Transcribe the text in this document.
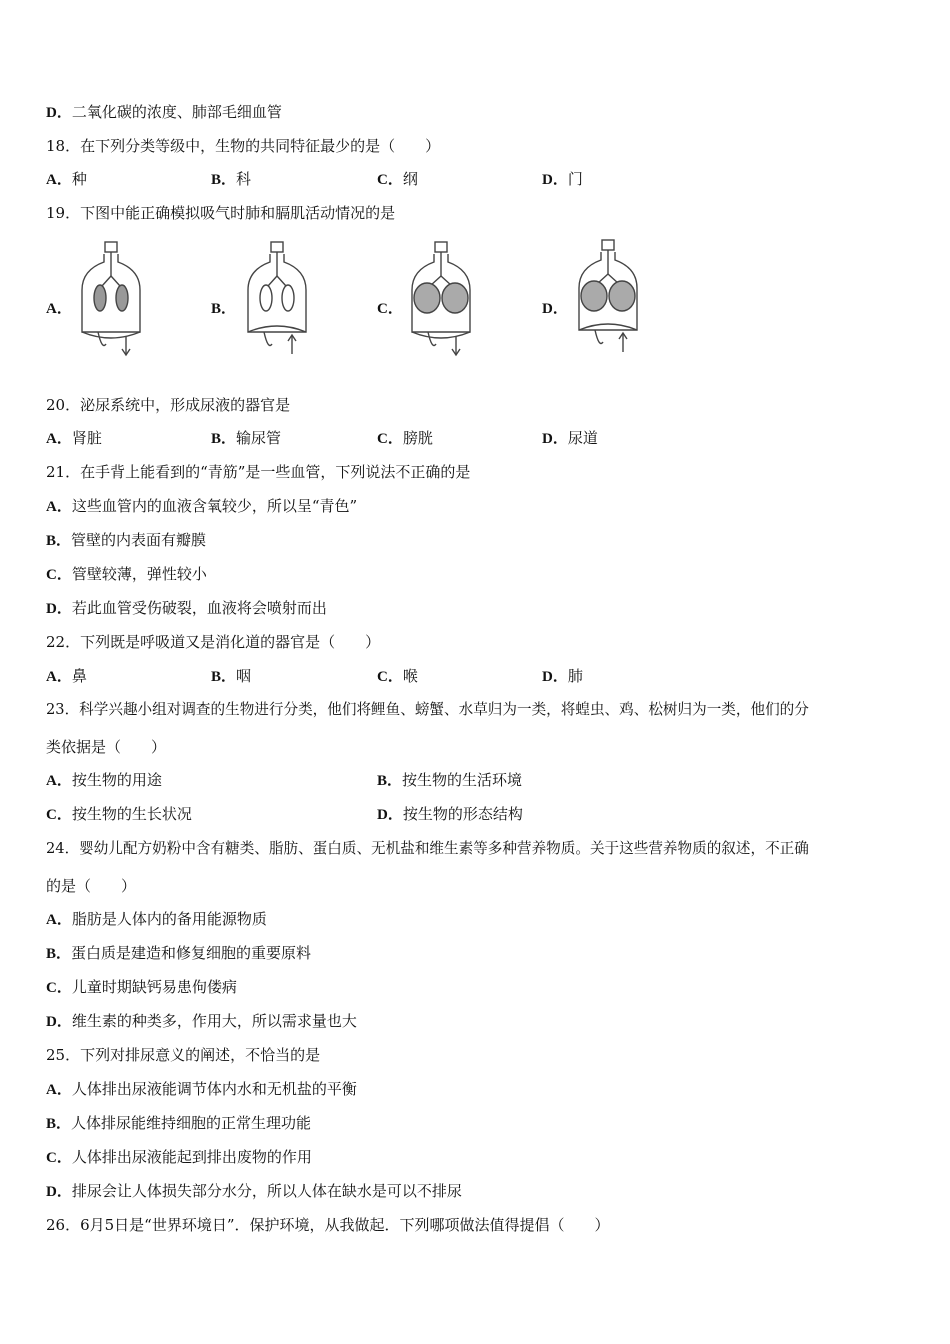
D．二氧化碳的浓度、肺部毛细血管
18．在下列分类等级中，生物的共同特征最少的是（　　）
A．种	B．科	C．纲	D．门
19．下图中能正确模拟吸气时肺和膈肌活动情况的是
A．	B．	C．	D．
20．泌尿系统中，形成尿液的器官是
A．肾脏	B．输尿管	C．膀胱	D．尿道
21．在手背上能看到的“青筋”是一些血管，下列说法不正确的是
A．这些血管内的血液含氧较少，所以呈“青色”
B．管壁的内表面有瓣膜
C．管壁较薄，弹性较小
D．若此血管受伤破裂，血液将会喷射而出
22．下列既是呼吸道又是消化道的器官是（　　）
A．鼻	B．咽	C．喉	D．肺
23．科学兴趣小组对调查的生物进行分类，他们将鲤鱼、螃蟹、水草归为一类，将蝗虫、鸡、松树归为一类，他们的分
类依据是（　　）
A．按生物的用途	B．按生物的生活环境
C．按生物的生长状况	D．按生物的形态结构
24．婴幼儿配方奶粉中含有糖类、脂肪、蛋白质、无机盐和维生素等多种营养物质。关于这些营养物质的叙述，不正确
的是（　　）
A．脂肪是人体内的备用能源物质
B．蛋白质是建造和修复细胞的重要原料
C．儿童时期缺钙易患佝偻病
D．维生素的种类多，作用大，所以需求量也大
25．下列对排尿意义的阐述，不恰当的是
A．人体排出尿液能调节体内水和无机盐的平衡
B．人体排尿能维持细胞的正常生理功能
C．人体排出尿液能起到排出废物的作用
D．排尿会让人体损失部分水分，所以人体在缺水是可以不排尿
26．6月5日是“世界环境日”．保护环境，从我做起．下列哪项做法值得提倡（　　）
